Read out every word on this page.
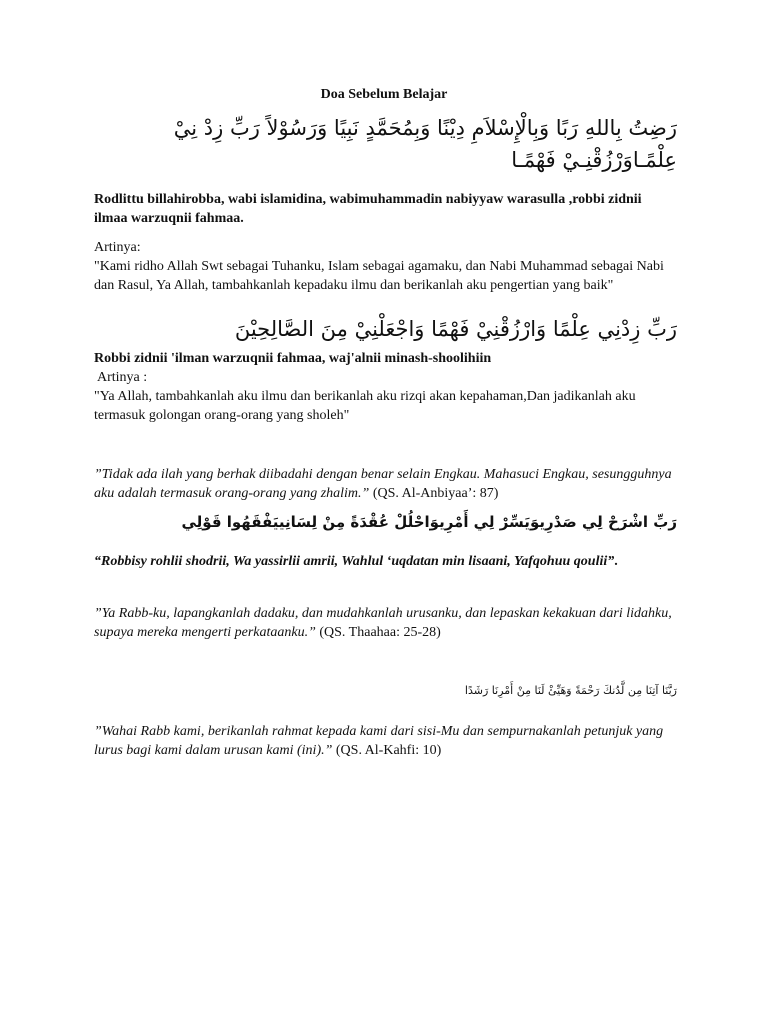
Doa Sebelum Belajar
رَضِتُ بِاللهِ رَبًا وَبِالْإِسْلاَمِ دِيْنًا وَبِمُحَمَّدٍ نَبِيًا وَرَسُوْلاً رَبِّ زِدْ نِيْ عِلْمًـاوَرْزُقْنِـيْ فَهْمًـا
Rodlittu billahirobba, wabi islamidina, wabimuhammadin nabiyyaw warasulla ,robbi zidnii ilmaa warzuqnii fahmaa.
Artinya:
"Kami ridho Allah Swt sebagai Tuhanku, Islam sebagai agamaku, dan Nabi Muhammad sebagai Nabi dan Rasul, Ya Allah, tambahkanlah kepadaku ilmu dan berikanlah aku pengertian yang baik"
رَبِّ زِدْنِي عِلْمًا وَارْزُقْنِيْ فَهْمًا وَاجْعَلْنِيْ مِنَ الصَّالِحِيْنَ
Robbi zidnii 'ilman warzuqnii fahmaa, waj'alnii minash-shoolihiin
Artinya :
"Ya Allah, tambahkanlah aku ilmu dan berikanlah aku rizqi akan kepahaman,Dan jadikanlah aku termasuk golongan orang-orang yang sholeh"
”Tidak ada ilah yang berhak diibadahi dengan benar selain Engkau. Mahasuci Engkau, sesungguhnya aku adalah termasuk orang-orang yang zhalim.” (QS. Al-Anbiyaa’: 87)
رَبِّ اشْرَحْ لِي صَدْرِيوَيَسِّرْ لِي أَمْرِيوَاحْلُلْ عُقْدَةً مِنْ لِسَانِييَفْقَهُوا قَوْلِي
“Robbisy rohlii shodrii, Wa yassirlii amrii, Wahlul ‘uqdatan min lisaani, Yafqohuu qoulii”.
”Ya Rabb-ku, lapangkanlah dadaku, dan mudahkanlah urusanku, dan lepaskan kekakuan dari lidahku, supaya mereka mengerti perkataanku.” (QS. Thaahaa: 25-28)
رَبَّنَا آتِنَا مِن لَّدُنكَ رَحْمَةً وَهَيِّئْ لَنَا مِنْ أَمْرِنَا رَشَدًا
”Wahai Rabb kami, berikanlah rahmat kepada kami dari sisi-Mu dan sempurnakanlah petunjuk yang lurus bagi kami dalam urusan kami (ini).” (QS. Al-Kahfi: 10)
